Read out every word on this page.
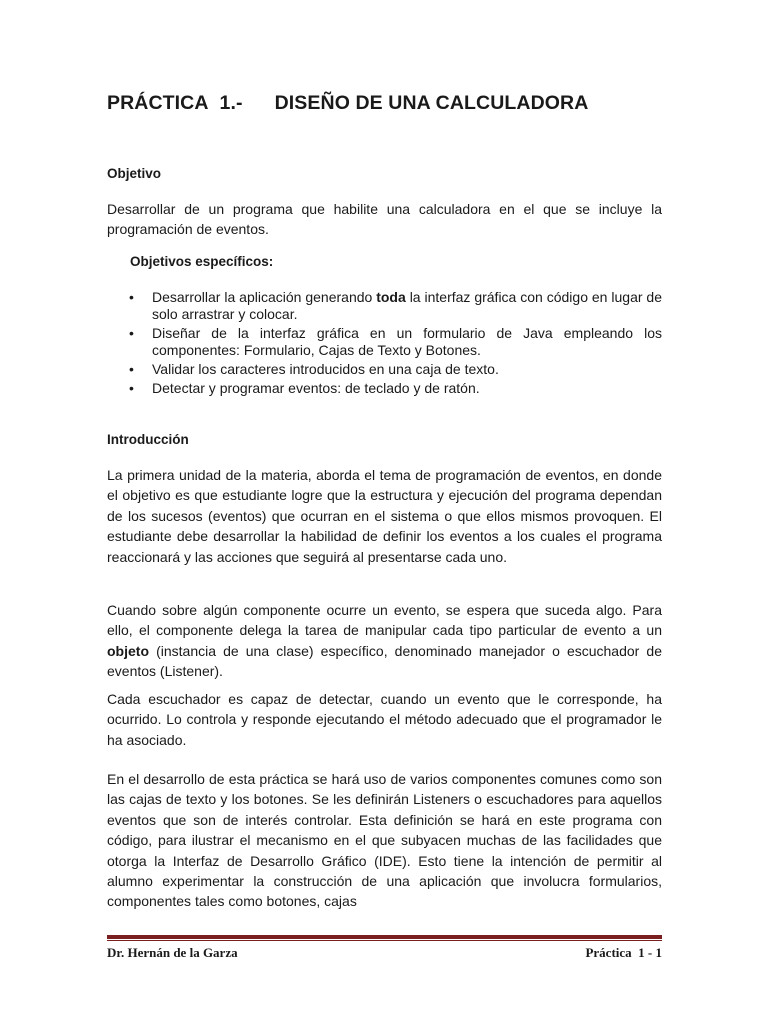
PRÁCTICA 1.- DISEÑO DE UNA CALCULADORA
Objetivo

Desarrollar de un programa que habilite una calculadora en el que se incluye la programación de eventos.

Objetivos específicos:
• Desarrollar la aplicación generando toda la interfaz gráfica con código en lugar de solo arrastrar y colocar.
• Diseñar de la interfaz gráfica en un formulario de Java empleando los componentes: Formulario, Cajas de Texto y Botones.
• Validar los caracteres introducidos en una caja de texto.
• Detectar y programar eventos: de teclado y de ratón.
Introducción

La primera unidad de la materia, aborda el tema de programación de eventos, en donde el objetivo es que estudiante logre que la estructura y ejecución del programa dependan de los sucesos (eventos) que ocurran en el sistema o que ellos mismos provoquen. El estudiante debe desarrollar la habilidad de definir los eventos a los cuales el programa reaccionará y las acciones que seguirá al presentarse cada uno.

Cuando sobre algún componente ocurre un evento, se espera que suceda algo. Para ello, el componente delega la tarea de manipular cada tipo particular de evento a un objeto (instancia de una clase) específico, denominado manejador o escuchador de eventos (Listener).

Cada escuchador es capaz de detectar, cuando un evento que le corresponde, ha ocurrido. Lo controla y responde ejecutando el método adecuado que el programador le ha asociado.

En el desarrollo de esta práctica se hará uso de varios componentes comunes como son las cajas de texto y los botones. Se les definirán Listeners o escuchadores para aquellos eventos que son de interés controlar. Esta definición se hará en este programa con código, para ilustrar el mecanismo en el que subyacen muchas de las facilidades que otorga la Interfaz de Desarrollo Gráfico (IDE). Esto tiene la intención de permitir al alumno experimentar la construcción de una aplicación que involucra formularios, componentes tales como botones, cajas

Dr. Hernán de la Garza	Práctica  1 - 1
